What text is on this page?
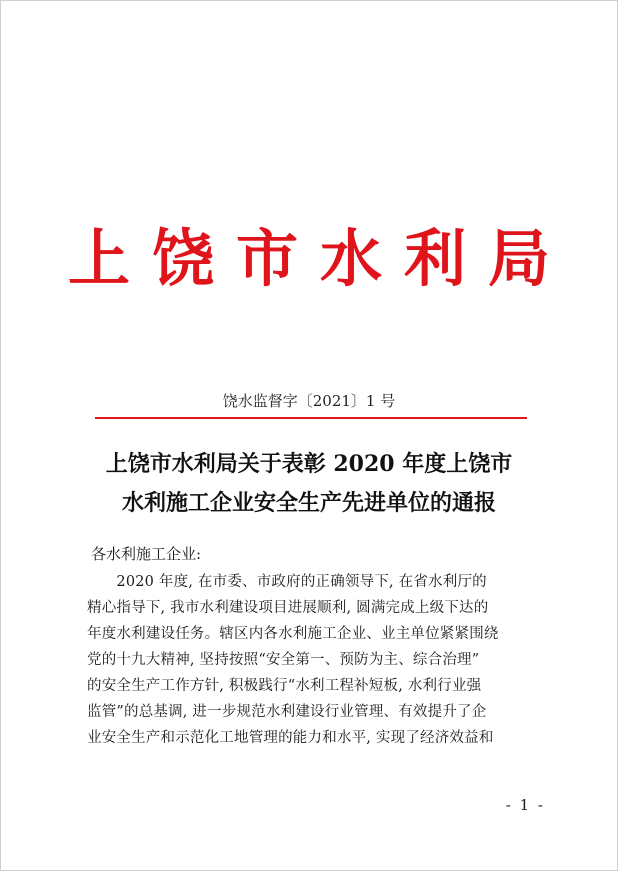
上饶市水利局
饶水监督字〔2021〕1 号
上饶市水利局关于表彰 2020 年度上饶市
水利施工企业安全生产先进单位的通报
各水利施工企业:
　　2020 年度, 在市委、市政府的正确领导下, 在省水利厅的
精心指导下, 我市水利建设项目进展顺利, 圆满完成上级下达的
年度水利建设任务。辖区内各水利施工企业、业主单位紧紧围绕
党的十九大精神, 坚持按照“安全第一、预防为主、综合治理”
的安全生产工作方针, 积极践行“水利工程补短板, 水利行业强
监管”的总基调, 进一步规范水利建设行业管理、有效提升了企
业安全生产和示范化工地管理的能力和水平, 实现了经济效益和
- 1 -
